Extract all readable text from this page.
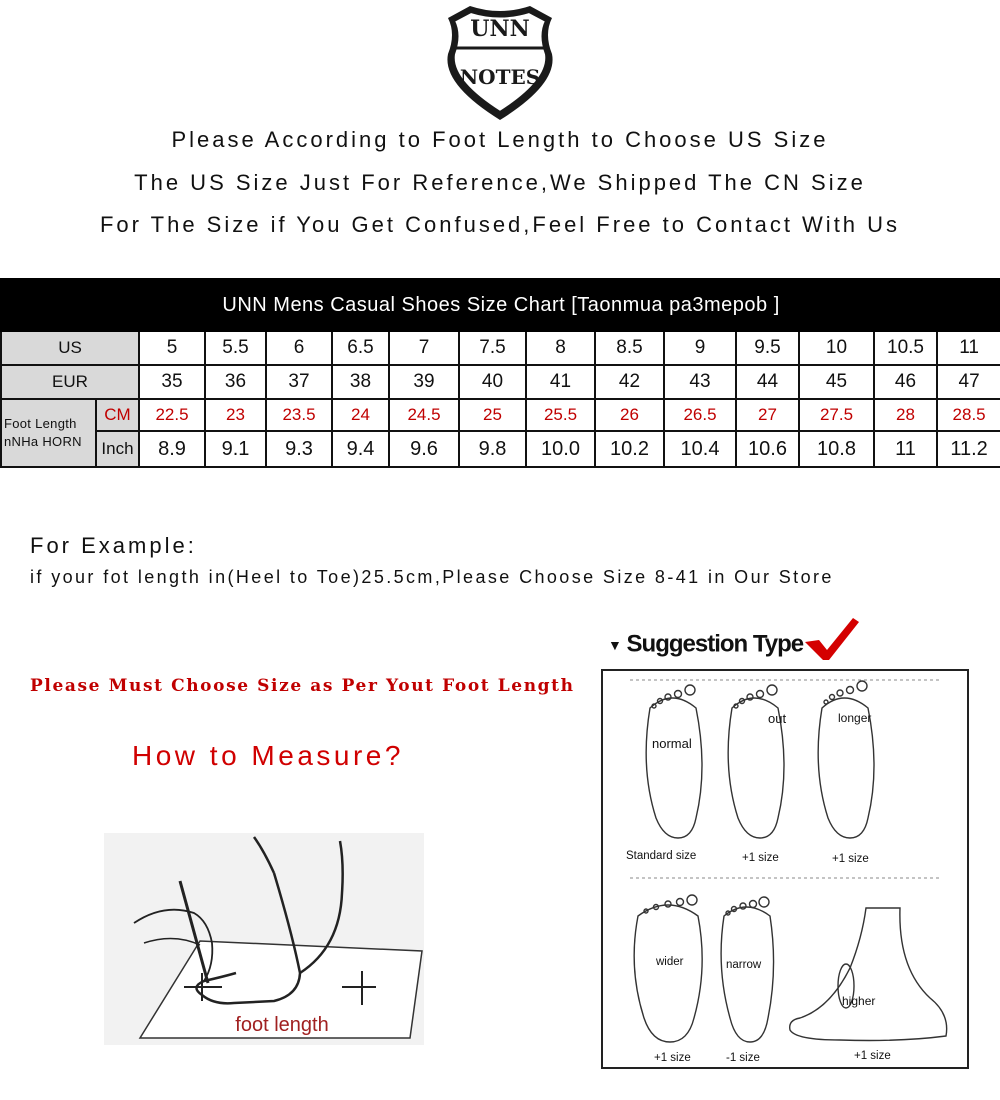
UNN
NOTES
Please According to Foot Length to Choose US Size
The US Size Just For Reference,We Shipped The CN Size
For The Size if You Get Confused,Feel Free to Contact With Us
UNN Mens Casual Shoes Size Chart [Taonmua pa3mepob ]														
US		5	5.5	6	6.5	7	7.5	8	8.5	9	9.5	10	10.5	11
EUR		35	36	37	38	39	40	41	42	43	44	45	46	47
Foot Length
nNHa HORN	CM	22.5	23	23.5	24	24.5	25	25.5	26	26.5	27	27.5	28	28.5
	Inch	8.9	9.1	9.3	9.4	9.6	9.8	10.0	10.2	10.4	10.6	10.8	11	11.2
For Example:
if your fot length in(Heel to Toe)25.5cm,Please Choose Size 8-41 in Our Store
Please Must Choose Size as Per Yout Foot Length
How to Measure?
foot length
▼ Suggestion Type
normal
out	longer
Standard size	+1 size	+1 size
wider	narrow
higher
+1 size	-1 size	+1 size
